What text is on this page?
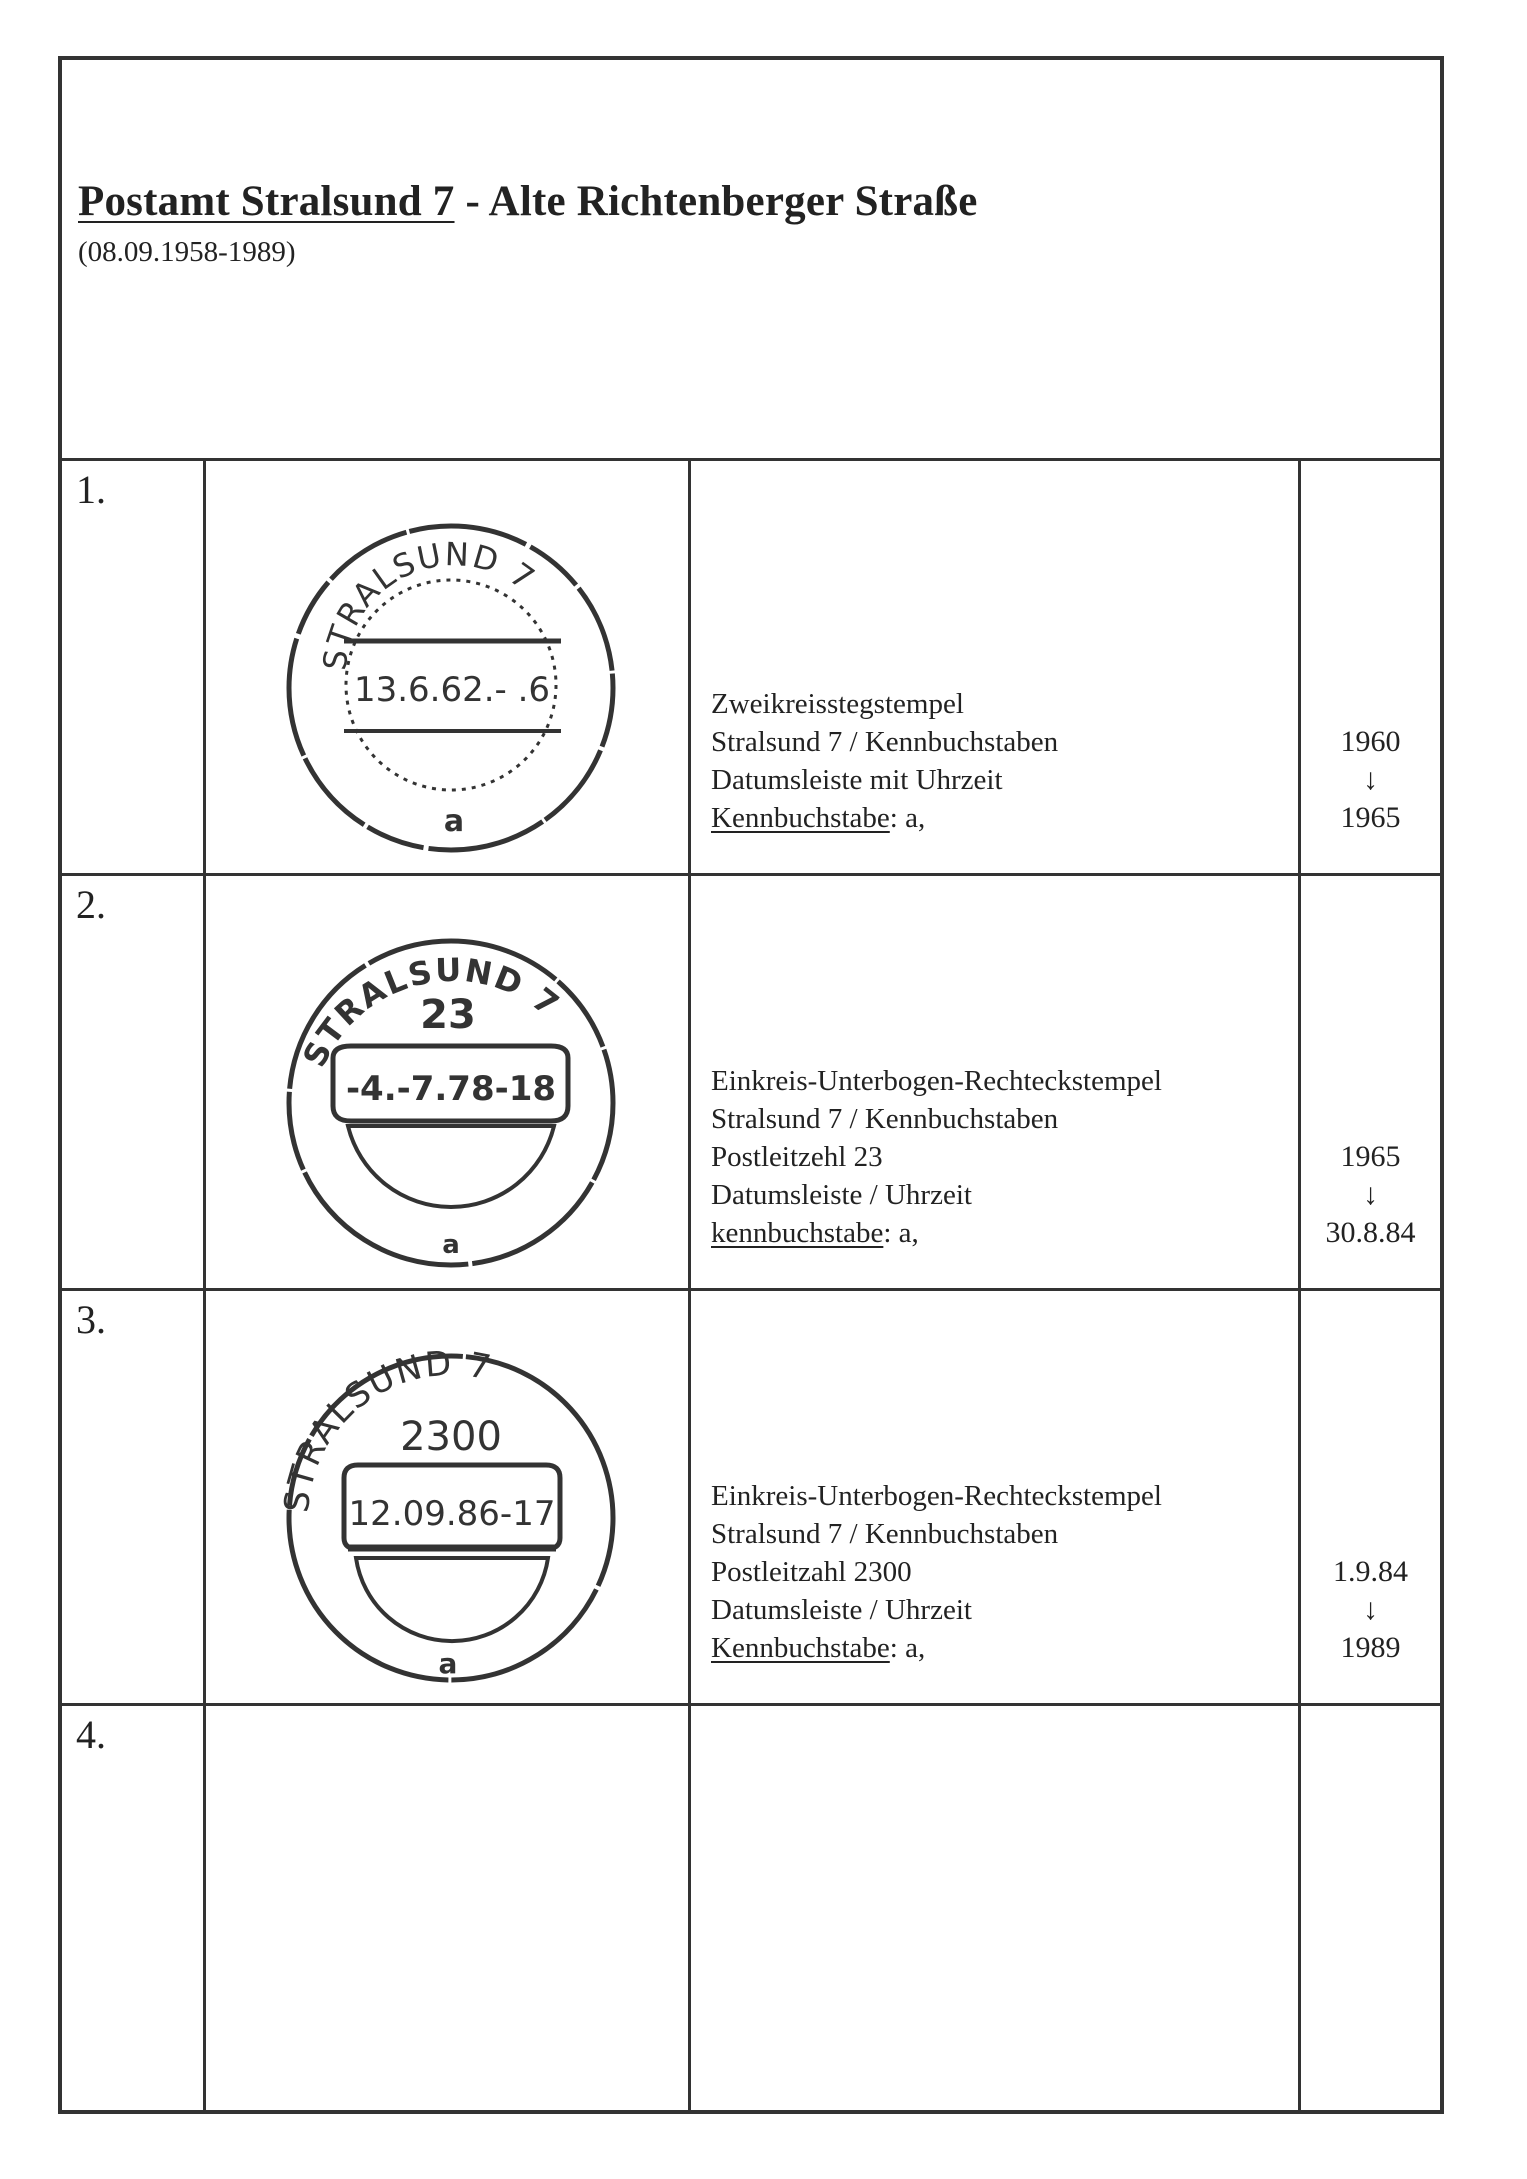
Postamt Stralsund 7 - Alte Richtenberger Straße
(08.09.1958-1989)
1.
STRALSUND 7
13.6.62.- .6
a
Zweikreisstegstempel
Stralsund 7 / Kennbuchstaben
Datumsleiste mit Uhrzeit
Kennbuchstabe: a,
1960
↓
1965
2.
STRALSUND 7
23
-4.-7.78-18
a
Einkreis-Unterbogen-Rechteckstempel
Stralsund 7 / Kennbuchstaben
Postleitzehl 23
Datumsleiste / Uhrzeit
kennbuchstabe: a,
1965
↓
30.8.84
3.
STRALSUND 7
2300
12.09.86-17
a
Einkreis-Unterbogen-Rechteckstempel
Stralsund 7 / Kennbuchstaben
Postleitzahl 2300
Datumsleiste / Uhrzeit
Kennbuchstabe: a,
1.9.84
↓
1989
4.
